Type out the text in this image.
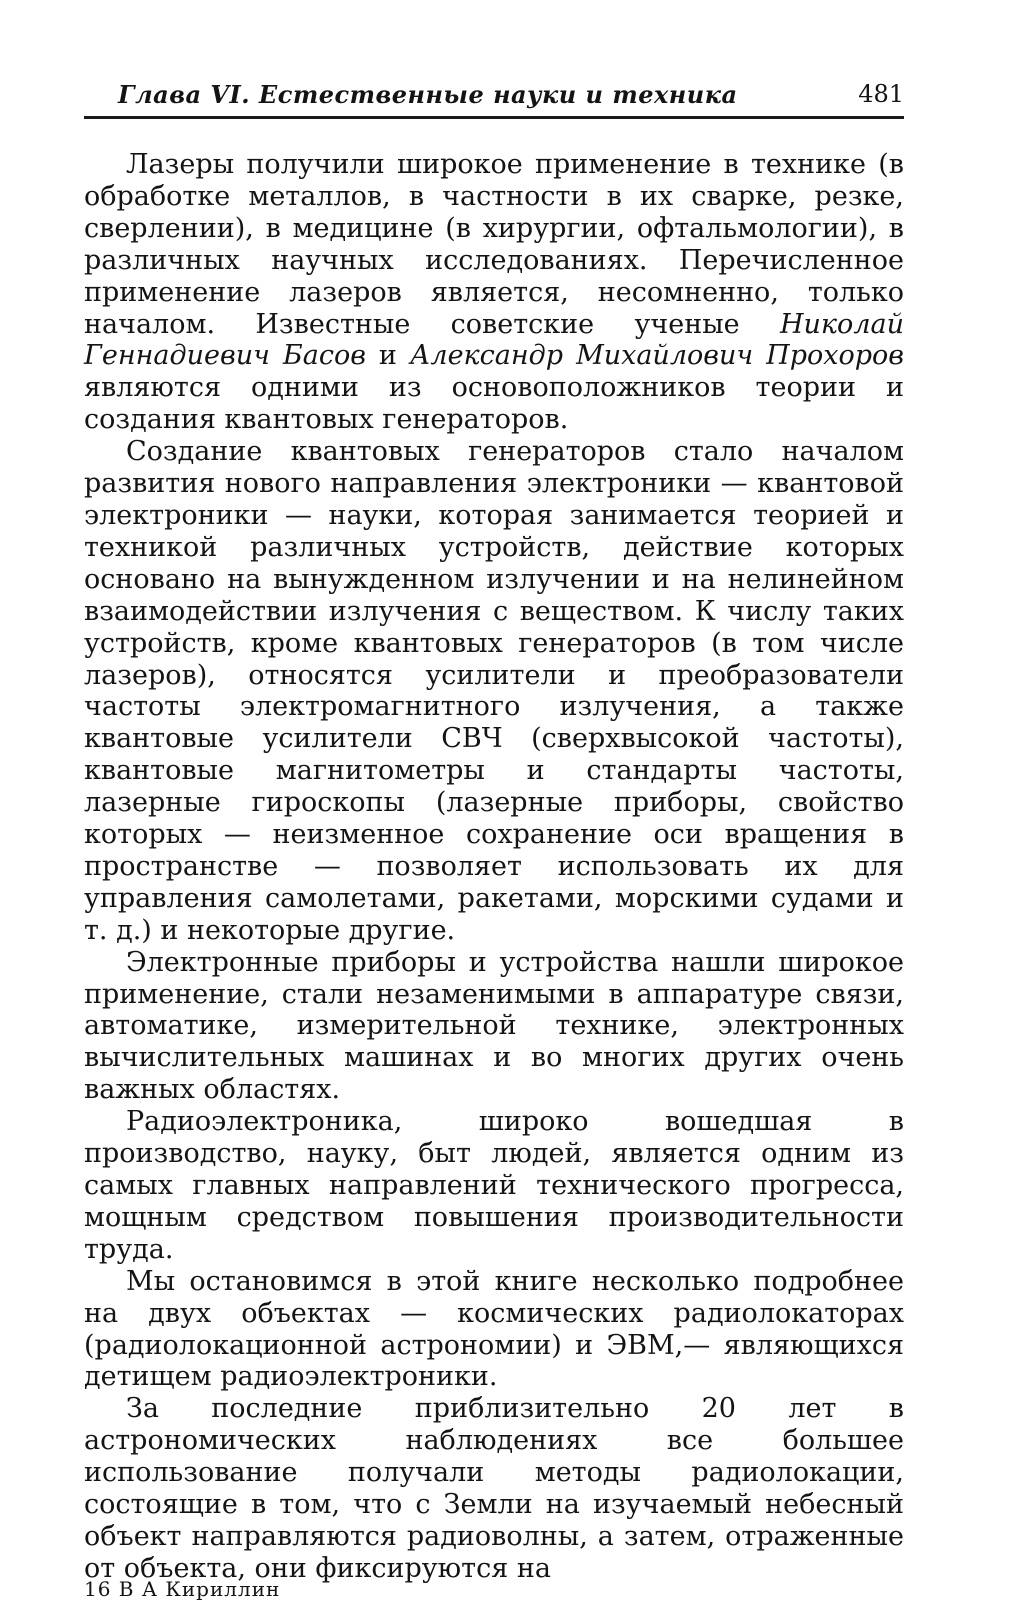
Глава VI. Естественные науки и техника	481

Лазеры получили широкое применение в технике (в обработке металлов, в частности в их сварке, резке, сверлении), в медицине (в хирургии, офтальмологии), в различных научных исследованиях. Перечисленное применение лазеров является, несомненно, только началом. Известные советские ученые Николай Геннадиевич Басов и Александр Михайлович Прохоров являются одними из основоположников теории и создания квантовых генераторов.

Создание квантовых генераторов стало началом развития нового направления электроники — квантовой электроники — науки, которая занимается теорией и техникой различных устройств, действие которых основано на вынужденном излучении и на нелинейном взаимодействии излучения с веществом. К числу таких устройств, кроме квантовых генераторов (в том числе лазеров), относятся усилители и преобразователи частоты электромагнитного излучения, а также квантовые усилители СВЧ (сверхвысокой частоты), квантовые магнитометры и стандарты частоты, лазерные гироскопы (лазерные приборы, свойство которых — неизменное сохранение оси вращения в пространстве — позволяет использовать их для управления самолетами, ракетами, морскими судами и т. д.) и некоторые другие.

Электронные приборы и устройства нашли широкое применение, стали незаменимыми в аппаратуре связи, автоматике, измерительной технике, электронных вычислительных машинах и во многих других очень важных областях.

Радиоэлектроника, широко вошедшая в производство, науку, быт людей, является одним из самых главных направлений технического прогресса, мощным средством повышения производительности труда.

Мы остановимся в этой книге несколько подробнее на двух объектах — космических радиолокаторах (радиолокационной астрономии) и ЭВМ,— являющихся детищем радиоэлектроники.

За последние приблизительно 20 лет в астрономических наблюдениях все большее использование получали методы радиолокации, состоящие в том, что с Земли на изучаемый небесный объект направляются радиоволны, а затем, отраженные от объекта, они фиксируются на

16 В А Кириллин
